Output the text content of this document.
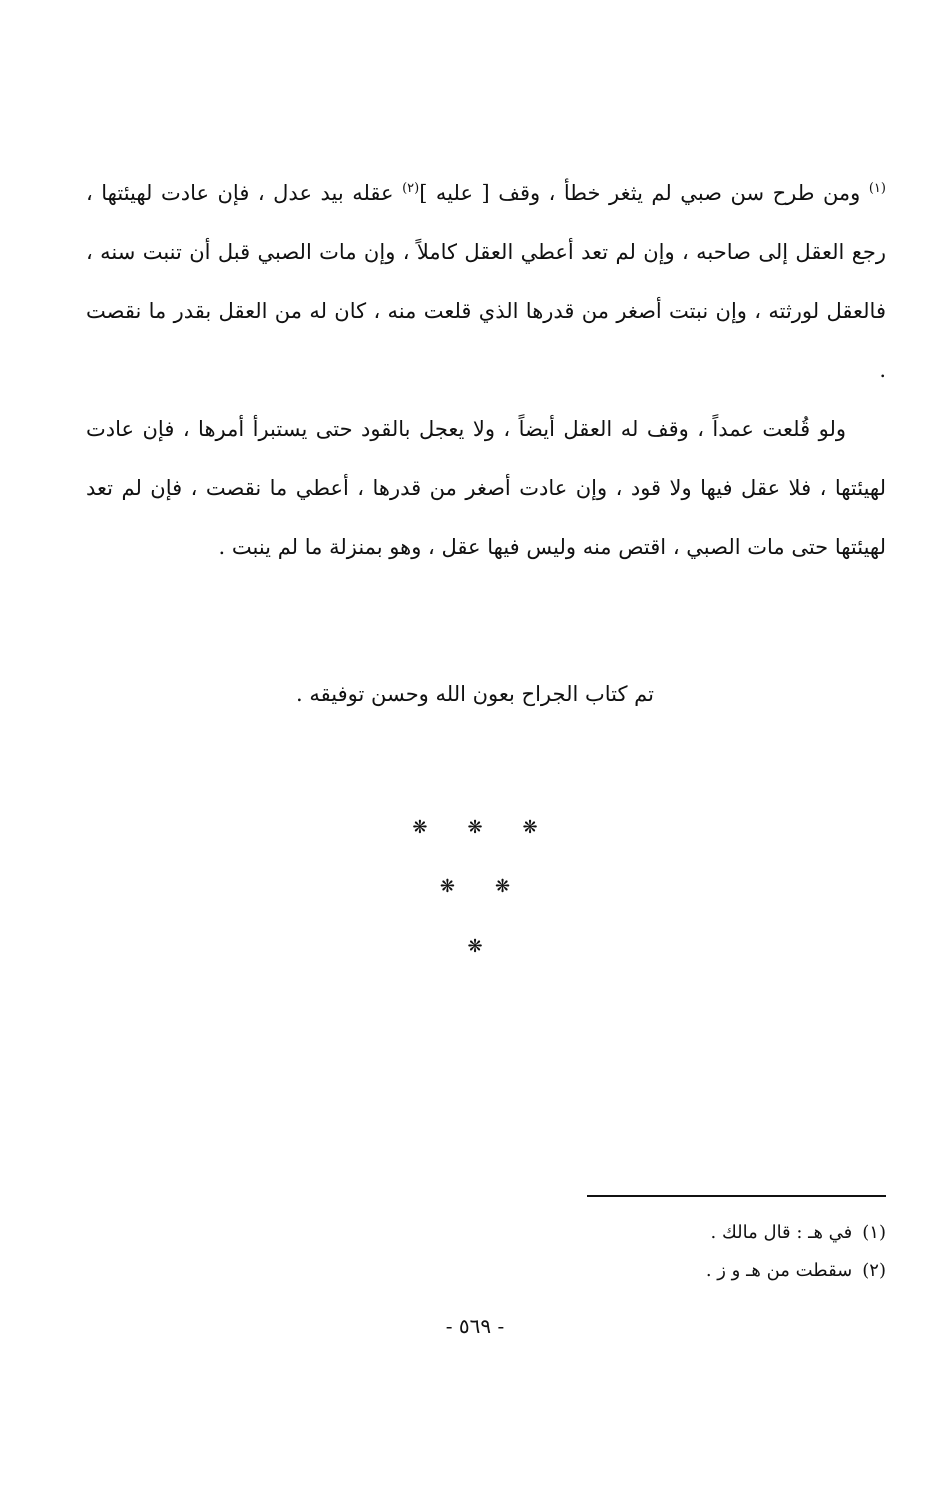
$^{(١)}$ ومن طرح سن صبي لم يثغر خطأ ، وقف [ عليه ]$^{(٢)}$ عقله بيد عدل ، فإن عادت لهيئتها ، رجع العقل إلى صاحبه ، وإن لم تعد أعطي العقل كاملاً ، وإن مات الصبي قبل أن تنبت سنه ، فالعقل لورثته ، وإن نبتت أصغر من قدرها الذي قلعت منه ، كان له من العقل بقدر ما نقصت .

ولو قُلعت عمداً ، وقف له العقل أيضاً ، ولا يعجل بالقود حتى يستبرأ أمرها ، فإن عادت لهيئتها ، فلا عقل فيها ولا قود ، وإن عادت أصغر من قدرها ، أعطي ما نقصت ، فإن لم تعد لهيئتها حتى مات الصبي ، اقتص منه وليس فيها عقل ، وهو بمنزلة ما لم ينبت .

تم كتاب الجراح بعون الله وحسن توفيقه .
❋ ❋ ❋
❋ ❋
❋
(١)في هـ : قال مالك .
(٢)سقطت من هـ و ز .
- ٥٦٩ -
